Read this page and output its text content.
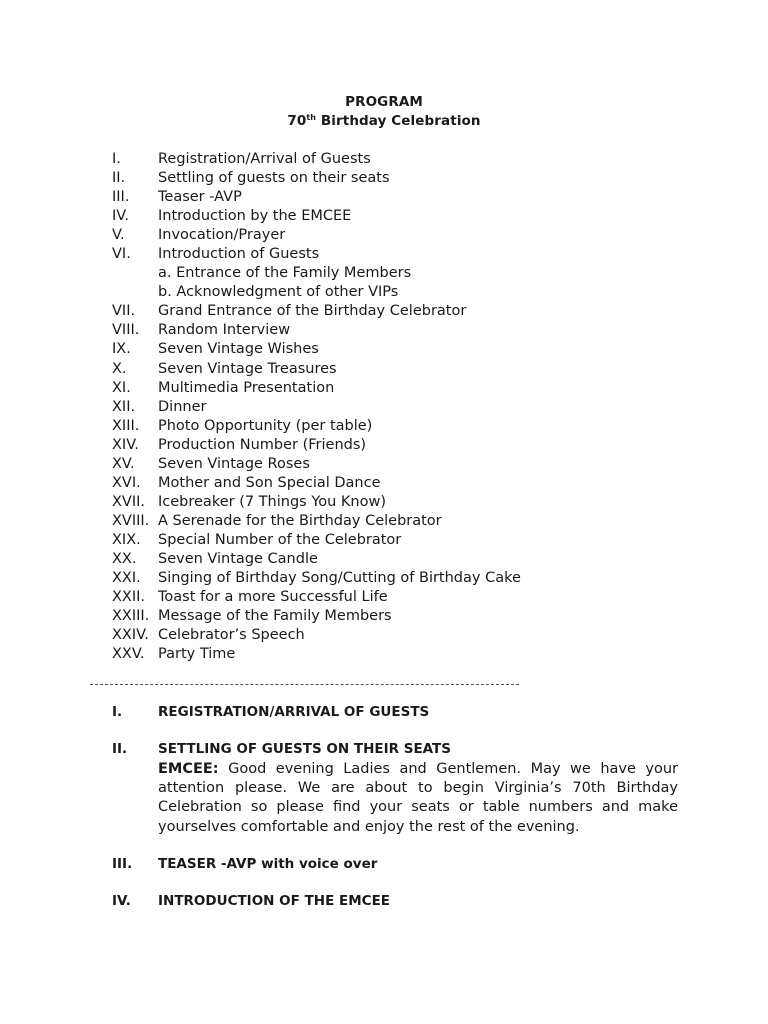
PROGRAM
70th Birthday Celebration
I.	Registration/Arrival of Guests
II. Settling of guests on their seats
III. Teaser -AVP
IV. Introduction by the EMCEE
V. Invocation/Prayer
VI. Introduction of Guests
a. Entrance of the Family Members
b. Acknowledgment of other VIPs
VII. Grand Entrance of the Birthday Celebrator
VIII. Random Interview
IX. Seven Vintage Wishes
X. Seven Vintage Treasures
XI. Multimedia Presentation
XII. Dinner
XIII. Photo Opportunity (per table)
XIV. Production Number (Friends)
XV. Seven Vintage Roses
XVI. Mother and Son Special Dance
XVII. Icebreaker (7 Things You Know)
XVIII. A Serenade for the Birthday Celebrator
XIX. Special Number of the Celebrator
XX. Seven Vintage Candle
XXI. Singing of Birthday Song/Cutting of Birthday Cake
XXII. Toast for a more Successful Life
XXIII. Message of the Family Members
XXIV. Celebrator’s Speech
XXV. Party Time
I.	REGISTRATION/ARRIVAL OF GUESTS
II. SETTLING OF GUESTS ON THEIR SEATS
EMCEE: Good evening Ladies and Gentlemen. May we have your attention please. We are about to begin Virginia’s 70th Birthday Celebration so please find your seats or table numbers and make yourselves comfortable and enjoy the rest of the evening.
III. TEASER -AVP with voice over
IV. INTRODUCTION OF THE EMCEE
